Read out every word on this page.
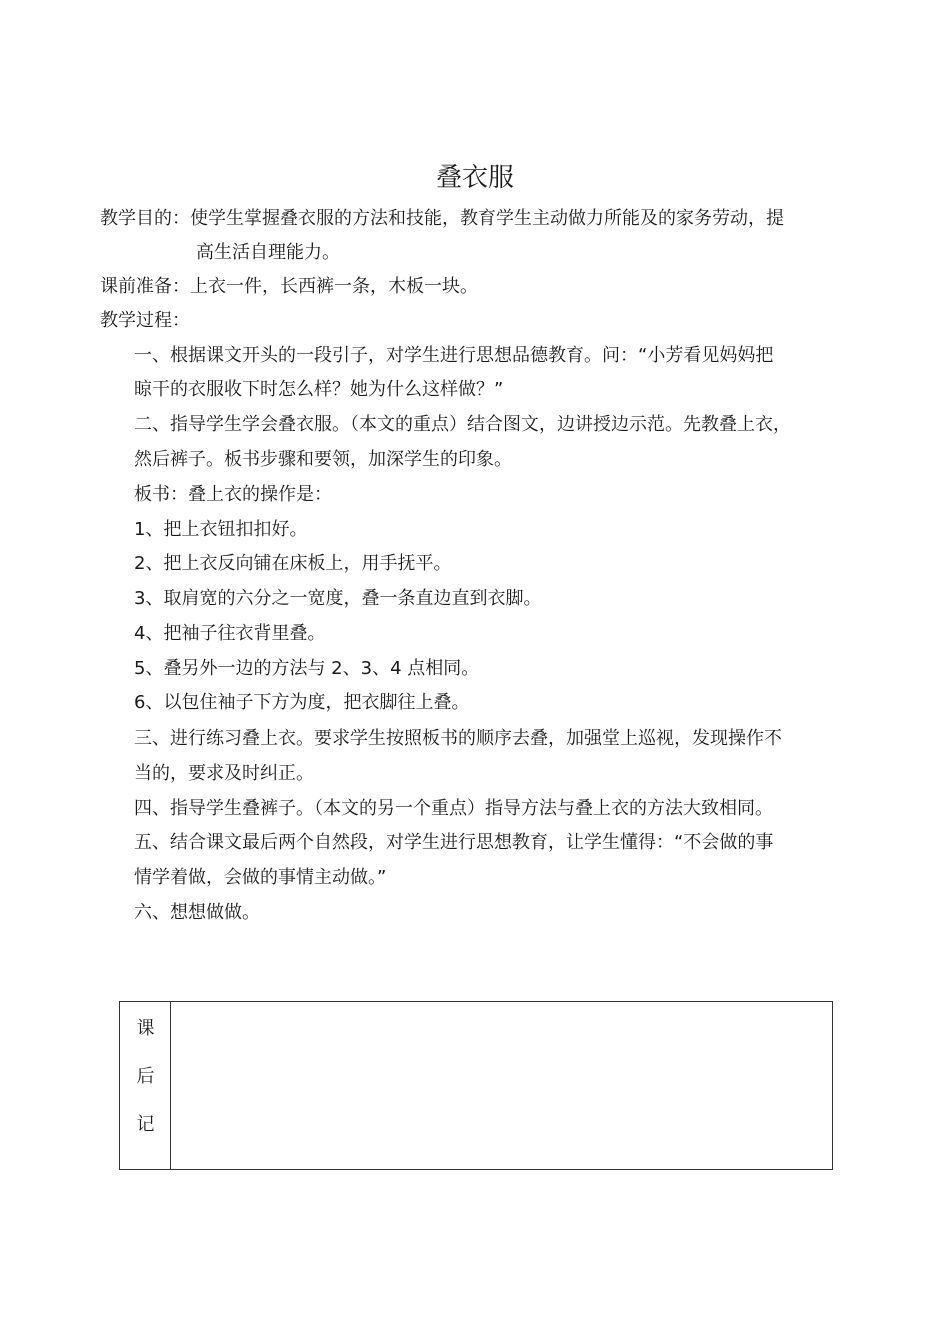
叠衣服
教学目的：使学生掌握叠衣服的方法和技能，教育学生主动做力所能及的家务劳动，提
高生活自理能力。
课前准备：上衣一件，长西裤一条，木板一块。
教学过程：
一、根据课文开头的一段引子，对学生进行思想品德教育。问：“小芳看见妈妈把
晾干的衣服收下时怎么样？她为什么这样做？”
二、指导学生学会叠衣服。（本文的重点）结合图文，边讲授边示范。先教叠上衣，
然后裤子。板书步骤和要领，加深学生的印象。
板书：叠上衣的操作是：
1、把上衣钮扣扣好。
2、把上衣反向铺在床板上，用手抚平。
3、取肩宽的六分之一宽度，叠一条直边直到衣脚。
4、把袖子往衣背里叠。
5、叠另外一边的方法与 2、3、4 点相同。
6、以包住袖子下方为度，把衣脚往上叠。
三、进行练习叠上衣。要求学生按照板书的顺序去叠，加强堂上巡视，发现操作不
当的，要求及时纠正。
四、指导学生叠裤子。（本文的另一个重点）指导方法与叠上衣的方法大致相同。
五、结合课文最后两个自然段，对学生进行思想教育，让学生懂得：“不会做的事
情学着做，会做的事情主动做。”
六、想想做做。
课
后
记
